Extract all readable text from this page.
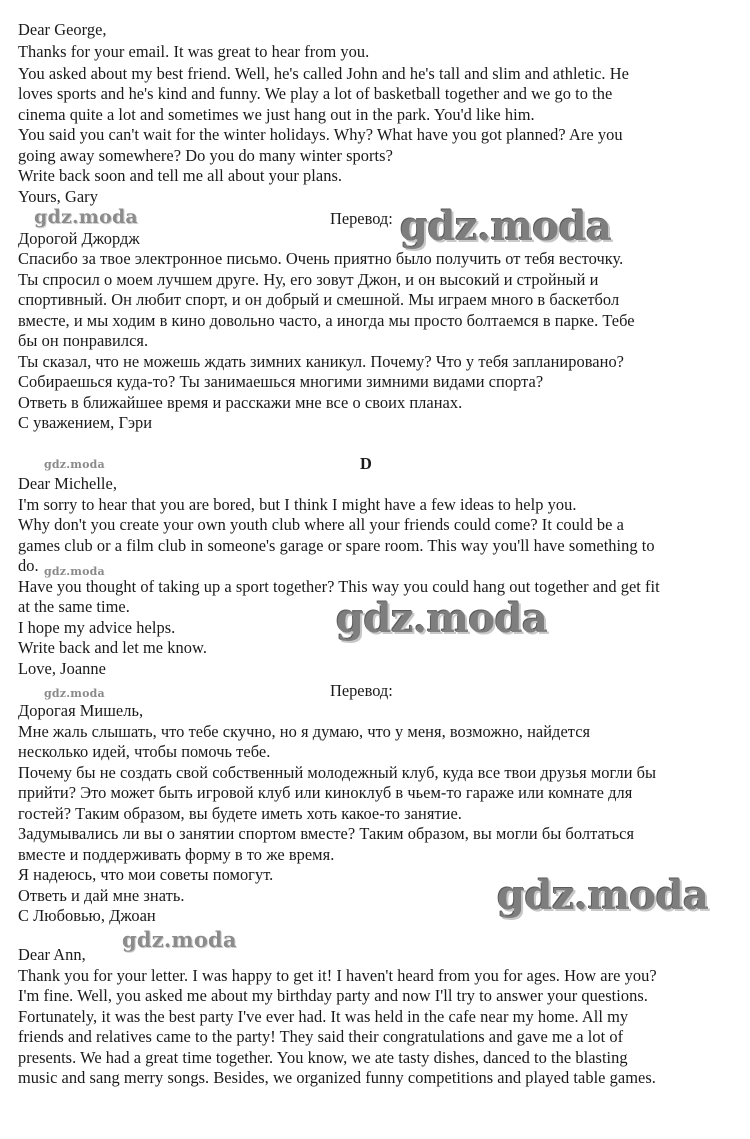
Dear George,
Thanks for your email. It was great to hear from you.
You asked about my best friend. Well, he's called John and he's tall and slim and athletic. He
loves sports and he's kind and funny. We play a lot of basketball together and we go to the
cinema quite a lot and sometimes we just hang out in the park. You'd like him.
You said you can't wait for the winter holidays. Why? What have you got planned? Are you
going away somewhere? Do you do many winter sports?
Write back soon and tell me all about your plans.
Yours, Gary
gdz.moda	Перевод: gdz.moda
Дорогой Джордж
Спасибо за твое электронное письмо. Очень приятно было получить от тебя весточку.
Ты спросил о моем лучшем друге. Ну, его зовут Джон, и он высокий и стройный и
спортивный. Он любит спорт, и он добрый и смешной. Мы играем много в баскетбол
вместе, и мы ходим в кино довольно часто, а иногда мы просто болтаемся в парке. Тебе
бы он понравился.
Ты сказал, что не можешь ждать зимних каникул. Почему? Что у тебя запланировано?
Собираешься куда-то? Ты занимаешься многими зимними видами спорта?
Ответь в ближайшее время и расскажи мне все о своих планах.
С уважением, Гэри
gdz.moda	D
Dear Michelle,
I'm sorry to hear that you are bored, but I think I might have a few ideas to help you.
Why don't you create your own youth club where all your friends could come? It could be a
games club or a film club in someone's garage or spare room. This way you'll have something to
do.
Have you thought of taking up a sport together? This way you could hang out together and get fit
at the same time.
I hope my advice helps.
Write back and let me know.
Love, Joanne
gdz.moda
gdz.moda
gdz.moda	Перевод:
Дорогая Мишель,
Мне жаль слышать, что тебе скучно, но я думаю, что у меня, возможно, найдется
несколько идей, чтобы помочь тебе.
Почему бы не создать свой собственный молодежный клуб, куда все твои друзья могли бы
прийти? Это может быть игровой клуб или киноклуб в чьем-то гараже или комнате для
гостей? Таким образом, вы будете иметь хоть какое-то занятие.
Задумывались ли вы о занятии спортом вместе? Таким образом, вы могли бы болтаться
вместе и поддерживать форму в то же время.
Я надеюсь, что мои советы помогут.
Ответь и дай мне знать.
С Любовью, Джоан	gdz.moda
gdz.moda
Dear Ann,
Thank you for your letter. I was happy to get it! I haven't heard from you for ages. How are you?
I'm fine. Well, you asked me about my birthday party and now I'll try to answer your questions.
Fortunately, it was the best party I've ever had. It was held in the cafe near my home. All my
friends and relatives came to the party! They said their congratulations and gave me a lot of
presents. We had a great time together. You know, we ate tasty dishes, danced to the blasting
music and sang merry songs. Besides, we organized funny competitions and played table games.
